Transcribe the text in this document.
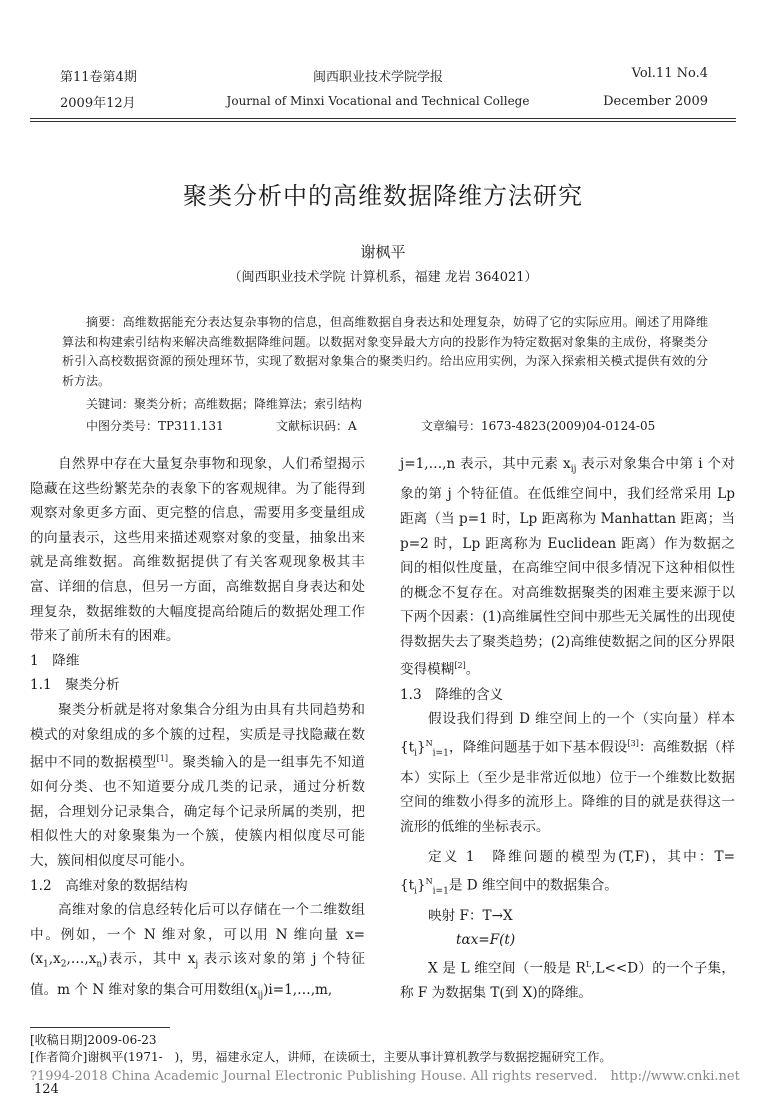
第11卷第4期
2009年12月
闽西职业技术学院学报
Journal of Minxi Vocational and Technical College
Vol.11 No.4
December 2009
聚类分析中的高维数据降维方法研究
谢枫平
（闽西职业技术学院 计算机系，福建 龙岩 364021）
摘要：高维数据能充分表达复杂事物的信息，但高维数据自身表达和处理复杂，妨碍了它的实际应用。阐述了用降维算法和构建索引结构来解决高维数据降维问题。以数据对象变异最大方向的投影作为特定数据对象集的主成份，将聚类分析引入高校数据资源的预处理环节，实现了数据对象集合的聚类归约。给出应用实例，为深入探索相关模式提供有效的分析方法。
关键词：聚类分析；高维数据；降维算法；索引结构
中图分类号：TP311.131	文献标识码：A	文章编号：1673-4823(2009)04-0124-05

自然界中存在大量复杂事物和现象，人们希望揭示隐藏在这些纷繁芜杂的表象下的客观规律。为了能得到观察对象更多方面、更完整的信息，需要用多变量组成的向量表示，这些用来描述观察对象的变量，抽象出来就是高维数据。高维数据提供了有关客观现象极其丰富、详细的信息，但另一方面，高维数据自身表达和处理复杂，数据维数的大幅度提高给随后的数据处理工作带来了前所未有的困难。

1　降维
1.1　聚类分析

聚类分析就是将对象集合分组为由具有共同趋势和模式的对象组成的多个簇的过程，实质是寻找隐藏在数据中不同的数据模型[1]。聚类输入的是一组事先不知道如何分类、也不知道要分成几类的记录，通过分析数据，合理划分记录集合，确定每个记录所属的类别，把相似性大的对象聚集为一个簇，使簇内相似度尽可能大，簇间相似度尽可能小。

1.2　高维对象的数据结构

高维对象的信息经转化后可以存储在一个二维数组中。例如，一个 N 维对象，可以用 N 维向量 $x=(x_1,x_2,\dots,x_n)$表示，其中 $x_j$ 表示该对象的第 j 个特征值。m 个 N 维对象的集合可用数组$(x_{ij})i=1,\dots,m$,

j=1,…,n 表示，其中元素 $x_{ij}$ 表示对象集合中第 i 个对象的第 j 个特征值。在低维空间中，我们经常采用 Lp 距离（当 p=1 时，Lp 距离称为 Manhattan 距离；当 p=2 时，Lp 距离称为 Euclidean 距离）作为数据之间的相似性度量，在高维空间中很多情况下这种相似性的概念不复存在。对高维数据聚类的困难主要来源于以下两个因素：(1)高维属性空间中那些无关属性的出现使得数据失去了聚类趋势；(2)高维使数据之间的区分界限变得模糊[2]。

1.3　降维的含义

假设我们得到 D 维空间上的一个（实向量）样本$\{t_i\}^N_{i=1}$，降维问题基于如下基本假设[3]：高维数据（样本）实际上（至少是非常近似地）位于一个维数比数据空间的维数小得多的流形上。降维的目的就是获得这一流形的低维的坐标表示。

定义 1　降维问题的模型为(T,F)，其中：$T=\{t_i\}^N_{i=1}$是 D 维空间中的数据集合。

映射 F：T→X

tαx=F(t)

X 是 L 维空间（一般是 $R^L,L<<D$）的一个子集，称 F 为数据集 T(到 X)的降维。

[收稿日期]2009-06-23
[作者简介]谢枫平(1971-　)，男，福建永定人，讲师，在读硕士，主要从事计算机教学与数据挖掘研究工作。
?1994-2018 China Academic Journal Electronic Publishing House. All rights reserved.　http://www.cnki.net
124
